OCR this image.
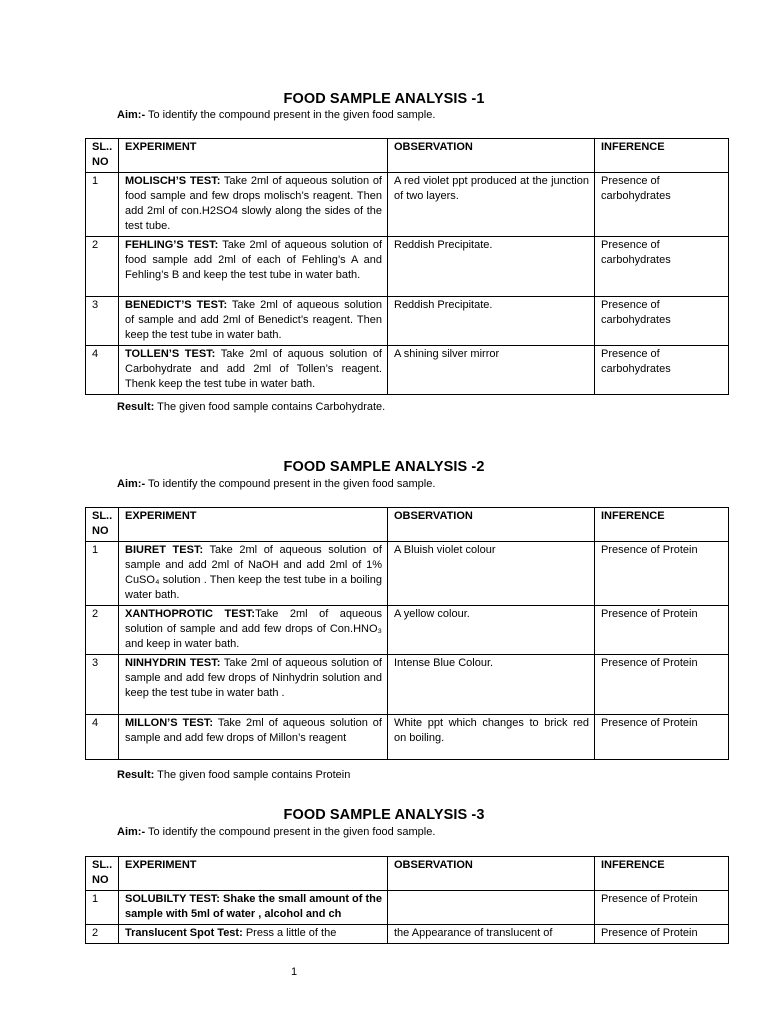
FOOD SAMPLE ANALYSIS -1
Aim:- To identify the compound present in the given food sample.
SL.. NO	EXPERIMENT	OBSERVATION	INFERENCE
1	MOLISCH’S TEST: Take 2ml of aqueous solution of food sample and few drops molisch’s reagent. Then add 2ml of con.H2SO4 slowly along the sides of the test tube.	A red violet ppt produced at the junction of two layers.	Presence of carbohydrates
2	FEHLING’S TEST: Take 2ml of aqueous solution of food sample add 2ml of each of Fehling’s A and Fehling’s B and keep the test tube in water bath.	Reddish Precipitate.	Presence of carbohydrates
3	BENEDICT’S TEST: Take 2ml of aqueous solution of sample and add 2ml of Benedict’s reagent. Then keep the test tube in water bath.	Reddish Precipitate.	Presence of carbohydrates
4	TOLLEN’S TEST: Take 2ml of aquous solution of Carbohydrate and add 2ml of Tollen’s reagent. Thenk keep the test tube in water bath.	A shining silver mirror	Presence of carbohydrates
Result: The given food sample contains Carbohydrate.
FOOD SAMPLE ANALYSIS -2
Aim:- To identify the compound present in the given food sample.
SL.. NO	EXPERIMENT	OBSERVATION	INFERENCE
1	BIURET TEST: Take 2ml of aqueous solution of sample and add 2ml of NaOH and add 2ml of 1% CuSO₄ solution . Then keep the test tube in a boiling water bath.	A Bluish violet colour	Presence of Protein
2	XANTHOPROTIC TEST:Take 2ml of aqueous solution of sample and add few drops of Con.HNO₃ and keep in water bath.	A yellow colour.	Presence of Protein
3	NINHYDRIN TEST: Take 2ml of aqueous solution of sample and add few drops of Ninhydrin solution and keep the test tube in water bath .	Intense Blue Colour.	Presence of Protein
4	MILLON’S TEST: Take 2ml of aqueous solution of sample and add few drops of Millon’s reagent	White ppt which changes to brick red on boiling.	Presence of Protein
Result: The given food sample contains Protein
FOOD SAMPLE ANALYSIS -3
Aim:- To identify the compound present in the given food sample.
SL.. NO	EXPERIMENT	OBSERVATION	INFERENCE
1	SOLUBILTY TEST: Shake the small amount of the sample with 5ml of water , alcohol and ch		Presence of Protein
2	Translucent Spot Test: Press a little of the	the Appearance of translucent of	Presence of Protein
1
